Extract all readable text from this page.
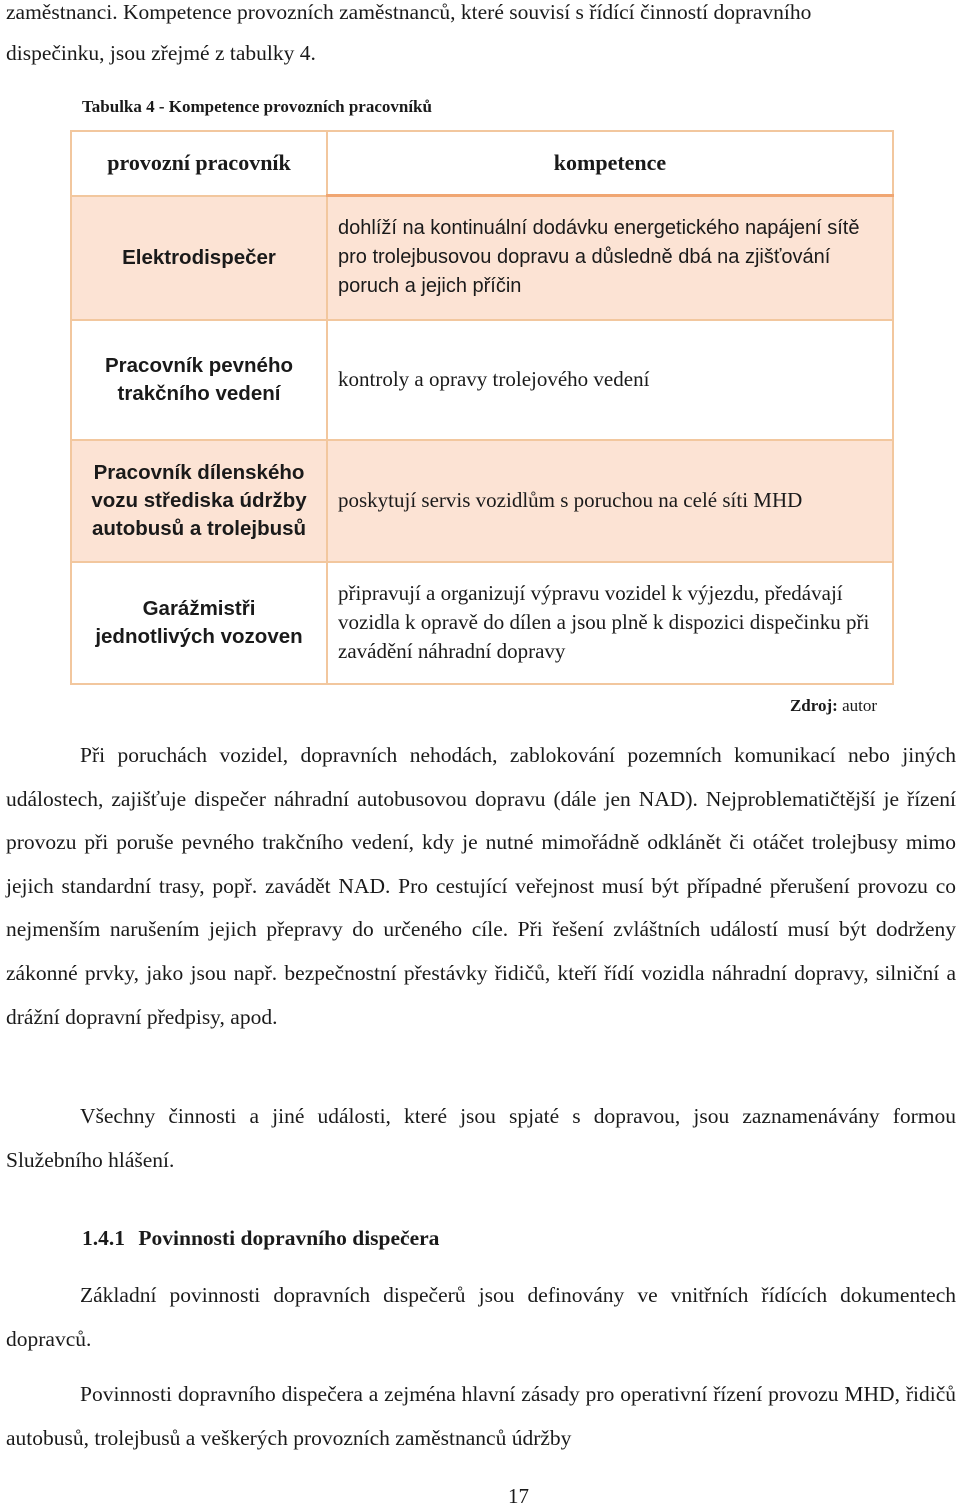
zaměstnanci. Kompetence provozních zaměstnanců, které souvisí s řídící činností dopravního
dispečinku, jsou zřejmé z tabulky 4.
Tabulka 4 - Kompetence provozních pracovníků
provozní pracovník	kompetence
Elektrodispečer	dohlíží na kontinuální dodávku energetického napájení sítě pro trolejbusovou dopravu a důsledně dbá na zjišťování poruch a jejich příčin
Pracovník pevného trakčního vedení	kontroly a opravy trolejového vedení
Pracovník dílenského vozu střediska údržby autobusů a trolejbusů	poskytují servis vozidlům s poruchou na celé síti MHD
Garážmistři jednotlivých vozoven	připravují a organizují výpravu vozidel k výjezdu, předávají vozidla k opravě do dílen a jsou plně k dispozici dispečinku při zavádění náhradní dopravy
Zdroj: autor
Při poruchách vozidel, dopravních nehodách, zablokování pozemních komunikací nebo jiných událostech, zajišťuje dispečer náhradní autobusovou dopravu (dále jen NAD). Nejproblematičtější je řízení provozu při poruše pevného trakčního vedení, kdy je nutné mimořádně odklánět či otáčet trolejbusy mimo jejich standardní trasy, popř. zavádět NAD. Pro cestující veřejnost musí být případné přerušení provozu co nejmenším narušením jejich přepravy do určeného cíle. Při řešení zvláštních událostí musí být dodrženy zákonné prvky, jako jsou např. bezpečnostní přestávky řidičů, kteří řídí vozidla náhradní dopravy, silniční a drážní dopravní předpisy, apod.
Všechny činnosti a jiné události, které jsou spjaté s dopravou, jsou zaznamenávány formou Služebního hlášení.
1.4.1 Povinnosti dopravního dispečera
Základní povinnosti dopravních dispečerů jsou definovány ve vnitřních řídících dokumentech dopravců.
Povinnosti dopravního dispečera a zejména hlavní zásady pro operativní řízení provozu MHD, řidičů autobusů, trolejbusů a veškerých provozních zaměstnanců údržby
17
